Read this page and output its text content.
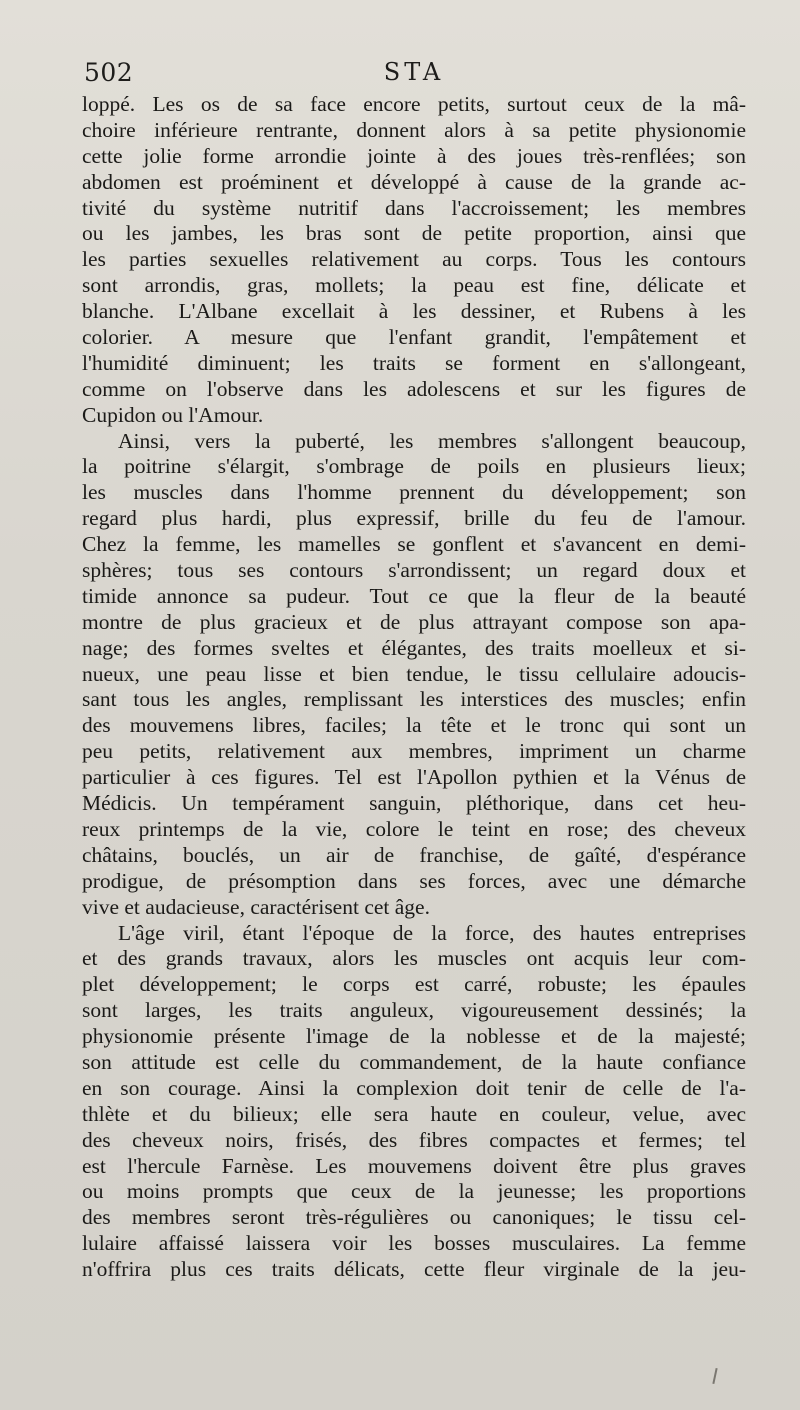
502	STA
loppé. Les os de sa face encore petits, surtout ceux de la mâ-
choire inférieure rentrante, donnent alors à sa petite physionomie
cette jolie forme arrondie jointe à des joues très-renflées; son
abdomen est proéminent et développé à cause de la grande ac-
tivité du système nutritif dans l'accroissement; les membres
ou les jambes, les bras sont de petite proportion, ainsi que
les parties sexuelles relativement au corps. Tous les contours
sont arrondis, gras, mollets; la peau est fine, délicate et
blanche. L'Albane excellait à les dessiner, et Rubens à les
colorier. A mesure que l'enfant grandit, l'empâtement et
l'humidité diminuent; les traits se forment en s'allongeant,
comme on l'observe dans les adolescens et sur les figures de
Cupidon ou l'Amour.
Ainsi, vers la puberté, les membres s'allongent beaucoup,
la poitrine s'élargit, s'ombrage de poils en plusieurs lieux;
les muscles dans l'homme prennent du développement; son
regard plus hardi, plus expressif, brille du feu de l'amour.
Chez la femme, les mamelles se gonflent et s'avancent en demi-
sphères; tous ses contours s'arrondissent; un regard doux et
timide annonce sa pudeur. Tout ce que la fleur de la beauté
montre de plus gracieux et de plus attrayant compose son apa-
nage; des formes sveltes et élégantes, des traits moelleux et si-
nueux, une peau lisse et bien tendue, le tissu cellulaire adoucis-
sant tous les angles, remplissant les interstices des muscles; enfin
des mouvemens libres, faciles; la tête et le tronc qui sont un
peu petits, relativement aux membres, impriment un charme
particulier à ces figures. Tel est l'Apollon pythien et la Vénus de
Médicis. Un tempérament sanguin, pléthorique, dans cet heu-
reux printemps de la vie, colore le teint en rose; des cheveux
châtains, bouclés, un air de franchise, de gaîté, d'espérance
prodigue, de présomption dans ses forces, avec une démarche
vive et audacieuse, caractérisent cet âge.
L'âge viril, étant l'époque de la force, des hautes entreprises
et des grands travaux, alors les muscles ont acquis leur com-
plet développement; le corps est carré, robuste; les épaules
sont larges, les traits anguleux, vigoureusement dessinés; la
physionomie présente l'image de la noblesse et de la majesté;
son attitude est celle du commandement, de la haute confiance
en son courage. Ainsi la complexion doit tenir de celle de l'a-
thlète et du bilieux; elle sera haute en couleur, velue, avec
des cheveux noirs, frisés, des fibres compactes et fermes; tel
est l'hercule Farnèse. Les mouvemens doivent être plus graves
ou moins prompts que ceux de la jeunesse; les proportions
des membres seront très-régulières ou canoniques; le tissu cel-
lulaire affaissé laissera voir les bosses musculaires. La femme
n'offrira plus ces traits délicats, cette fleur virginale de la jeu-
